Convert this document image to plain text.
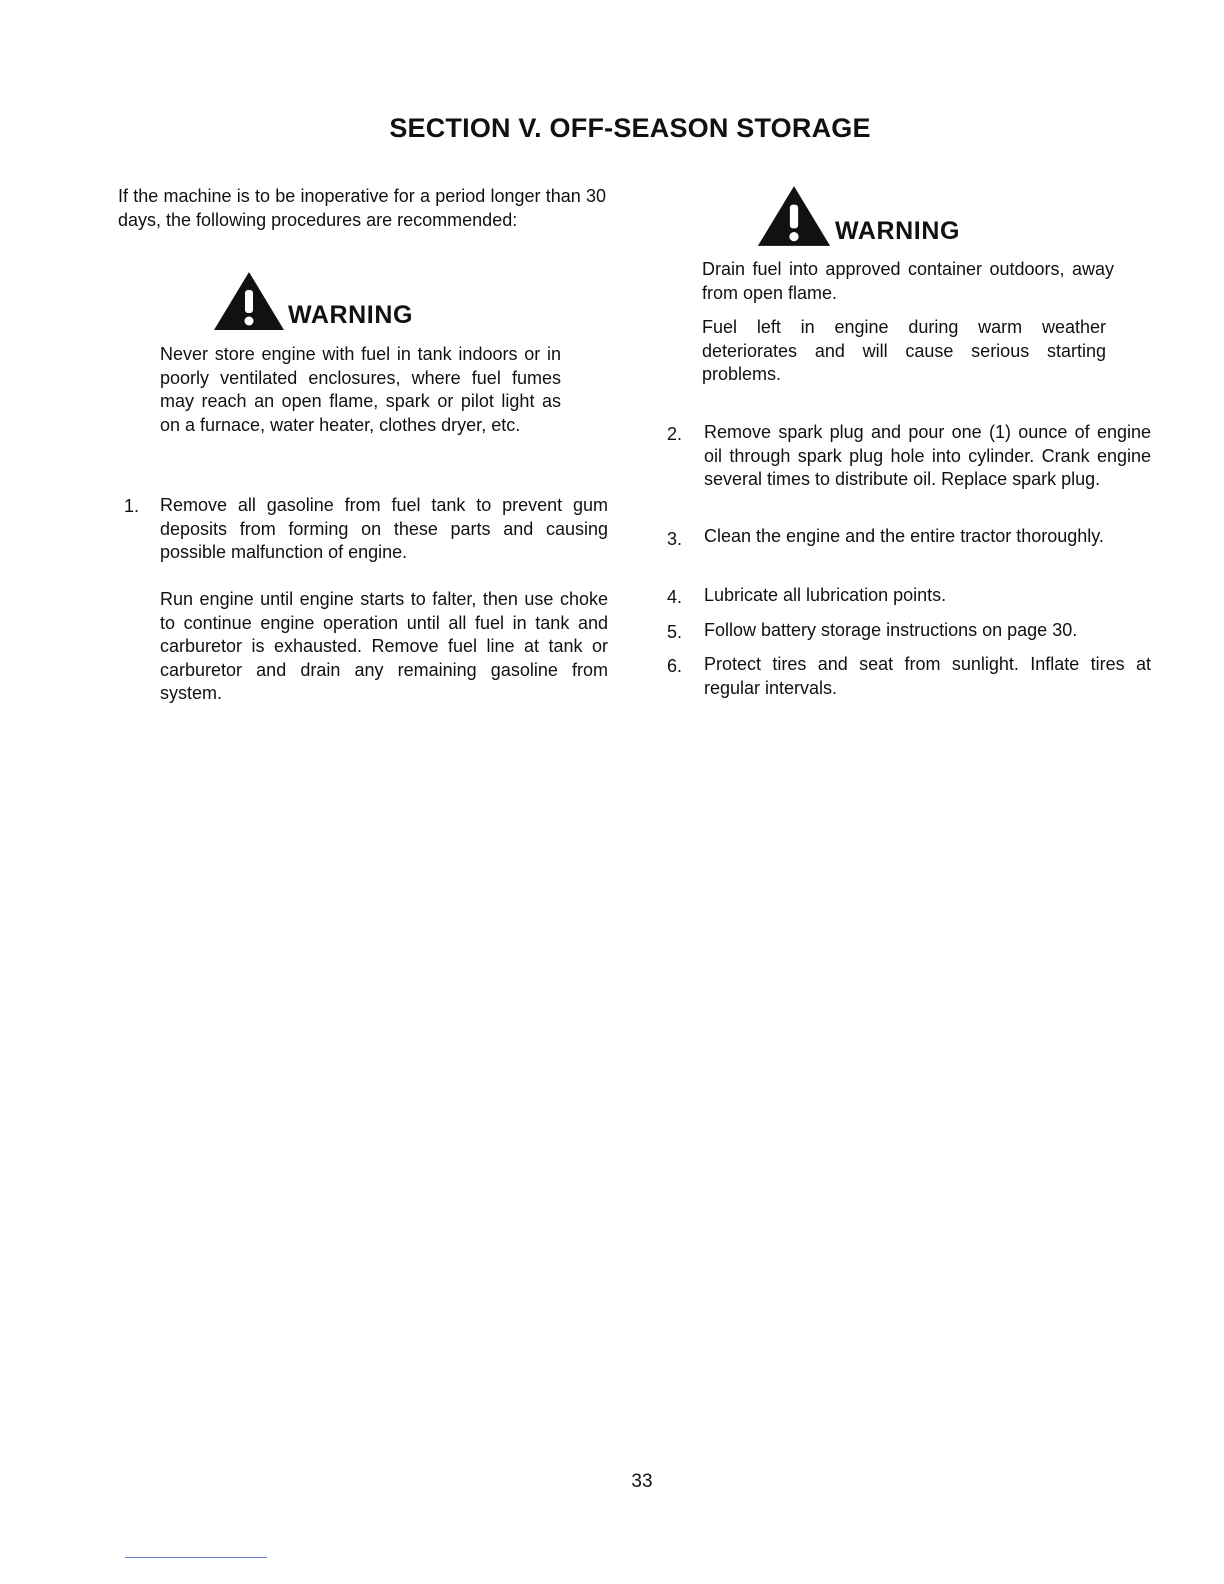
SECTION V. OFF-SEASON STORAGE

If the machine is to be inoperative for a period longer than 30 days, the following procedures are recommended:

WARNING

Never store engine with fuel in tank indoors or in poorly ventilated enclosures, where fuel fumes may reach an open flame, spark or pilot light as on a furnace, water heater, clothes dryer, etc.

1. Remove all gasoline from fuel tank to prevent gum deposits from forming on these parts and causing possible malfunction of engine.

Run engine until engine starts to falter, then use choke to continue engine operation until all fuel in tank and carburetor is exhausted. Remove fuel line at tank or carburetor and drain any remaining gasoline from system.

WARNING

Drain fuel into approved container outdoors, away from open flame.

Fuel left in engine during warm weather deteriorates and will cause serious starting problems.

2. Remove spark plug and pour one (1) ounce of engine oil through spark plug hole into cylinder. Crank engine several times to distribute oil. Replace spark plug.

3. Clean the engine and the entire tractor thoroughly.

4. Lubricate all lubrication points.

5. Follow battery storage instructions on page 30.

6. Protect tires and seat from sunlight. Inflate tires at regular intervals.

33
